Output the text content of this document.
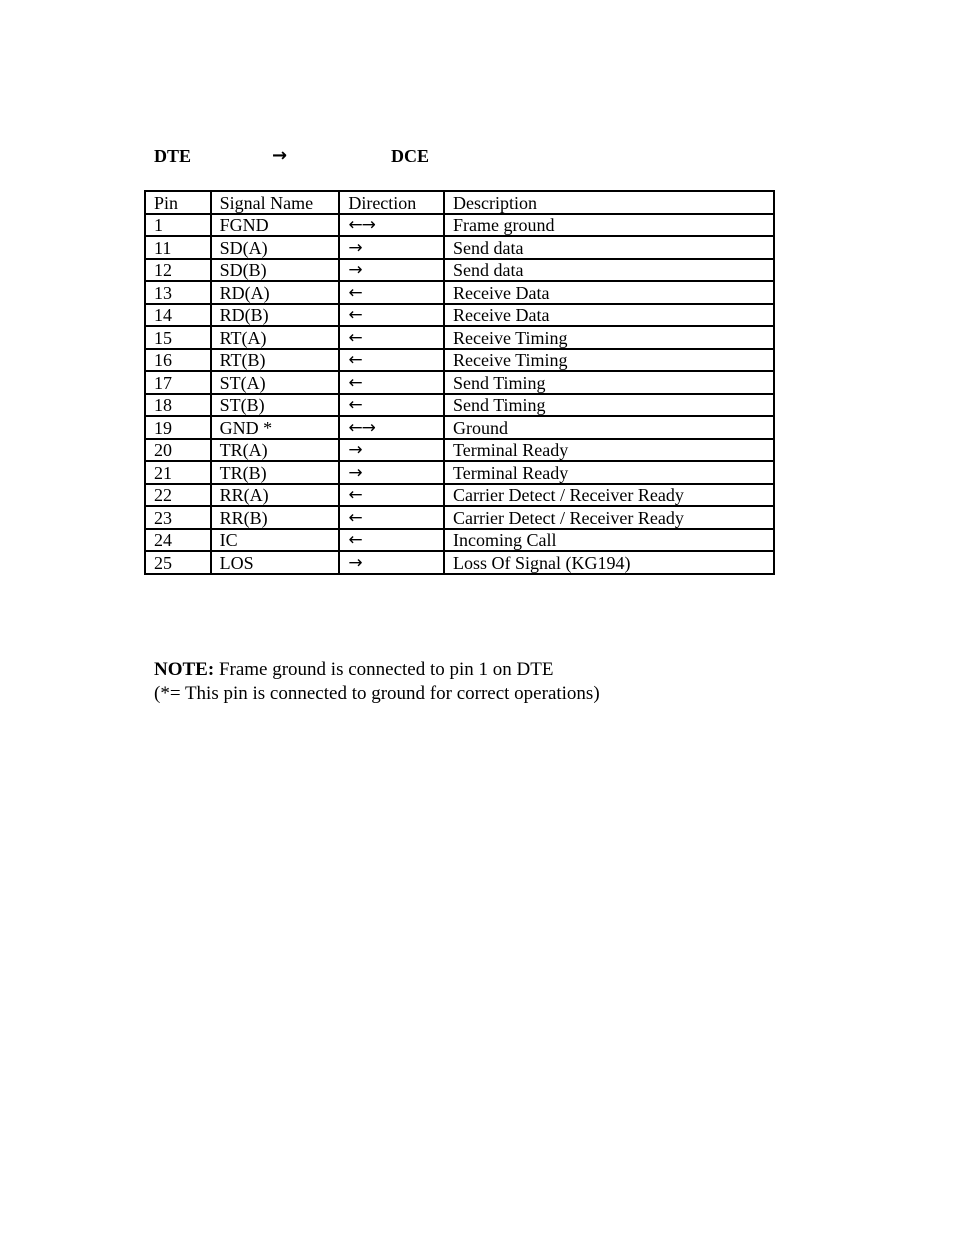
DTE	→	DCE
Pin	Signal Name	Direction	Description
1	FGND	←→	Frame ground
11	SD(A)	→	Send data
12	SD(B)	→	Send data
13	RD(A)	←	Receive Data
14	RD(B)	←	Receive Data
15	RT(A)	←	Receive Timing
16	RT(B)	←	Receive Timing
17	ST(A)	←	Send Timing
18	ST(B)	←	Send Timing
19	GND *	←→	Ground
20	TR(A)	→	Terminal Ready
21	TR(B)	→	Terminal Ready
22	RR(A)	←	Carrier Detect / Receiver Ready
23	RR(B)	←	Carrier Detect / Receiver Ready
24	IC	←	Incoming Call
25	LOS	→	Loss Of Signal (KG194)
NOTE: Frame ground is connected to pin 1 on DTE
(*= This pin is connected to ground for correct operations)
